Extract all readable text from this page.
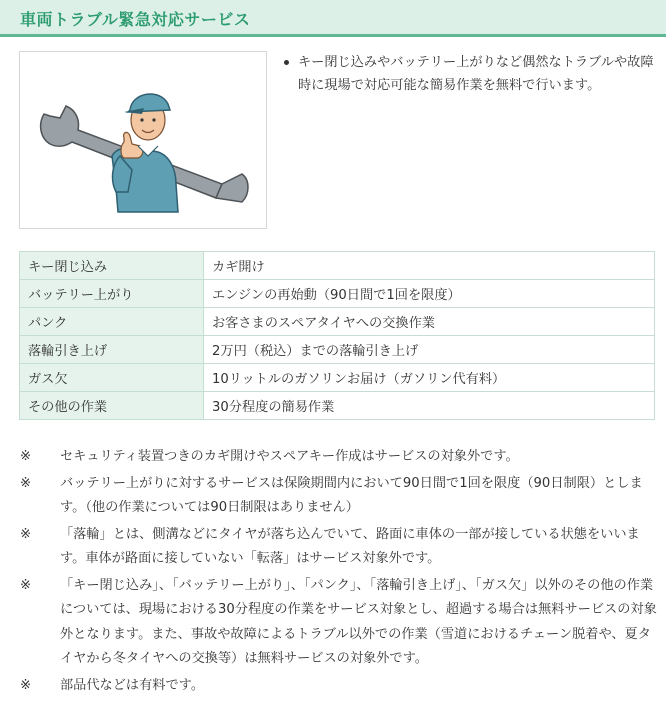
車両トラブル緊急対応サービス
キー閉じ込みやバッテリー上がりなど偶然なトラブルや故障時に現場で対応可能な簡易作業を無料で行います。
キー閉じ込み	カギ開け
バッテリー上がり	エンジンの再始動（90日間で1回を限度）
パンク	お客さまのスペアタイヤへの交換作業
落輪引き上げ	2万円（税込）までの落輪引き上げ
ガス欠	10リットルのガソリンお届け（ガソリン代有料）
その他の作業	30分程度の簡易作業
※	セキュリティ装置つきのカギ開けやスペアキー作成はサービスの対象外です。
※	バッテリー上がりに対するサービスは保険期間内において90日間で1回を限度（90日制限）とします。（他の作業については90日制限はありません）
※	「落輪」とは、側溝などにタイヤが落ち込んでいて、路面に車体の一部が接している状態をいいます。車体が路面に接していない「転落」はサービス対象外です。
※	「キー閉じ込み」、「バッテリー上がり」、「パンク」、「落輪引き上げ」、「ガス欠」以外のその他の作業については、現場における30分程度の作業をサービス対象とし、超過する場合は無料サービスの対象外となります。また、事故や故障によるトラブル以外での作業（雪道におけるチェーン脱着や、夏タイヤから冬タイヤへの交換等）は無料サービスの対象外です。
※	部品代などは有料です。
